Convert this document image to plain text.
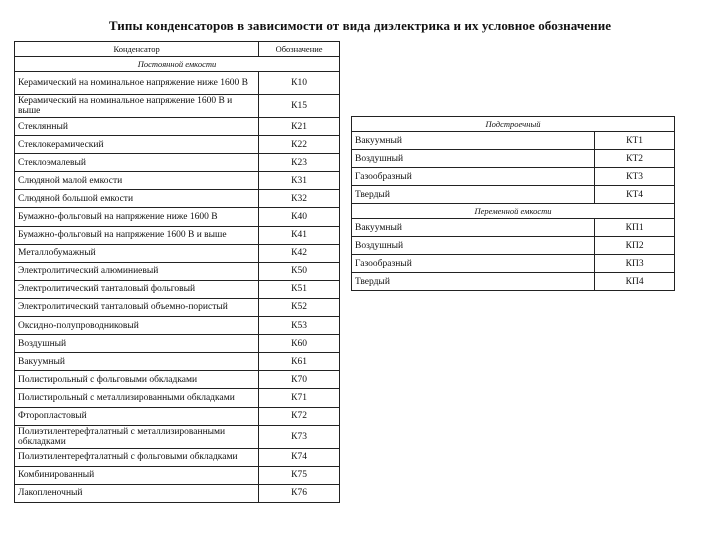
Типы конденсаторов в зависимости от вида диэлектрика и их условное обозначение
Конденсатор	Обозначение
Постоянной емкости	
Керамический на номинальное напряжение ниже 1600 В	К10
Керамический на номинальное напряжение 1600 В и выше	К15
Стеклянный	К21
Стеклокерамический	К22
Стеклоэмалевый	К23
Слюдяной малой емкости	К31
Слюдяной большой емкости	К32
Бумажно-фольговый на напряжение ниже 1600 В	К40
Бумажно-фольговый на напряжение 1600 В и выше	К41
Металлобумажный	К42
Электролитический алюминиевый	К50
Электролитический танталовый фольговый	К51
Электролитический танталовый объемно-пористый	К52
Оксидно-полупроводниковый	К53
Воздушный	К60
Вакуумный	К61
Полистирольный с фольговыми обкладками	К70
Полистирольный с металлизированными обкладками	К71
Фторопластовый	К72
Полиэтилентерефталатный с металлизированными обкладками	К73
Полиэтилентерефталатный с фольговыми обкладками	К74
Комбинированный	К75
Лакопленочный	К76
Подстроечный	
Вакуумный	КТ1
Воздушный	КТ2
Газообразный	КТ3
Твердый	КТ4
Переменной емкости	
Вакуумный	КП1
Воздушный	КП2
Газообразный	КП3
Твердый	КП4
